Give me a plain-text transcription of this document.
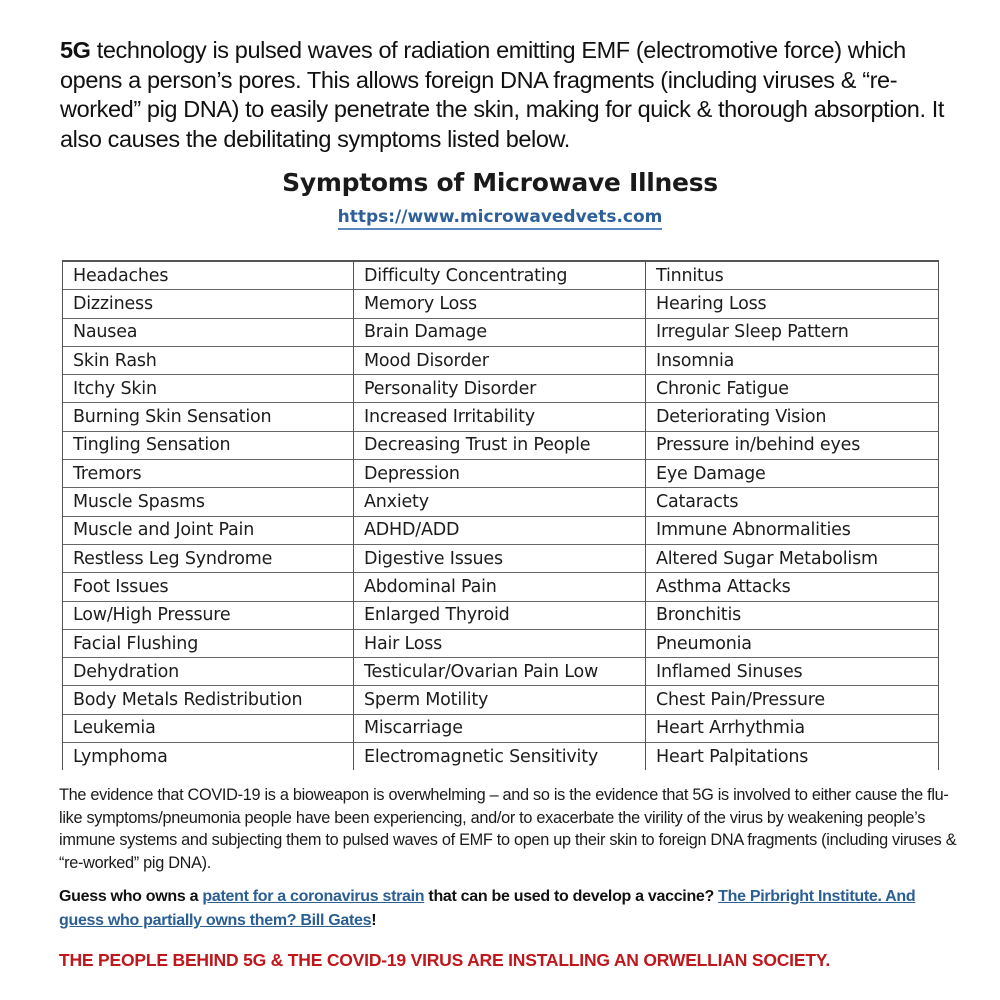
5G technology is pulsed waves of radiation emitting EMF (electromotive force) which opens a person’s pores. This allows foreign DNA fragments (including viruses & “re-worked” pig DNA) to easily penetrate the skin, making for quick & thorough absorption. It also causes the debilitating symptoms listed below.

Symptoms of Microwave Illness
https://www.microwavedvets.com
Headaches	Difficulty Concentrating	Tinnitus
Dizziness	Memory Loss	Hearing Loss
Nausea	Brain Damage	Irregular Sleep Pattern
Skin Rash	Mood Disorder	Insomnia
Itchy Skin	Personality Disorder	Chronic Fatigue
Burning Skin Sensation	Increased Irritability	Deteriorating Vision
Tingling Sensation	Decreasing Trust in People	Pressure in/behind eyes
Tremors	Depression	Eye Damage
Muscle Spasms	Anxiety	Cataracts
Muscle and Joint Pain	ADHD/ADD	Immune Abnormalities
Restless Leg Syndrome	Digestive Issues	Altered Sugar Metabolism
Foot Issues	Abdominal Pain	Asthma Attacks
Low/High Pressure	Enlarged Thyroid	Bronchitis
Facial Flushing	Hair Loss	Pneumonia
Dehydration	Testicular/Ovarian Pain Low	Inflamed Sinuses
Body Metals Redistribution	Sperm Motility	Chest Pain/Pressure
Leukemia	Miscarriage	Heart Arrhythmia
Lymphoma	Electromagnetic Sensitivity	Heart Palpitations

The evidence that COVID-19 is a bioweapon is overwhelming – and so is the evidence that 5G is involved to either cause the flu-like symptoms/pneumonia people have been experiencing, and/or to exacerbate the virility of the virus by weakening people’s immune systems and subjecting them to pulsed waves of EMF to open up their skin to foreign DNA fragments (including viruses & “re-worked” pig DNA).

Guess who owns a patent for a coronavirus strain that can be used to develop a vaccine? The Pirbright Institute. And guess who partially owns them? Bill Gates!

THE PEOPLE BEHIND 5G & THE COVID-19 VIRUS ARE INSTALLING AN ORWELLIAN SOCIETY.
